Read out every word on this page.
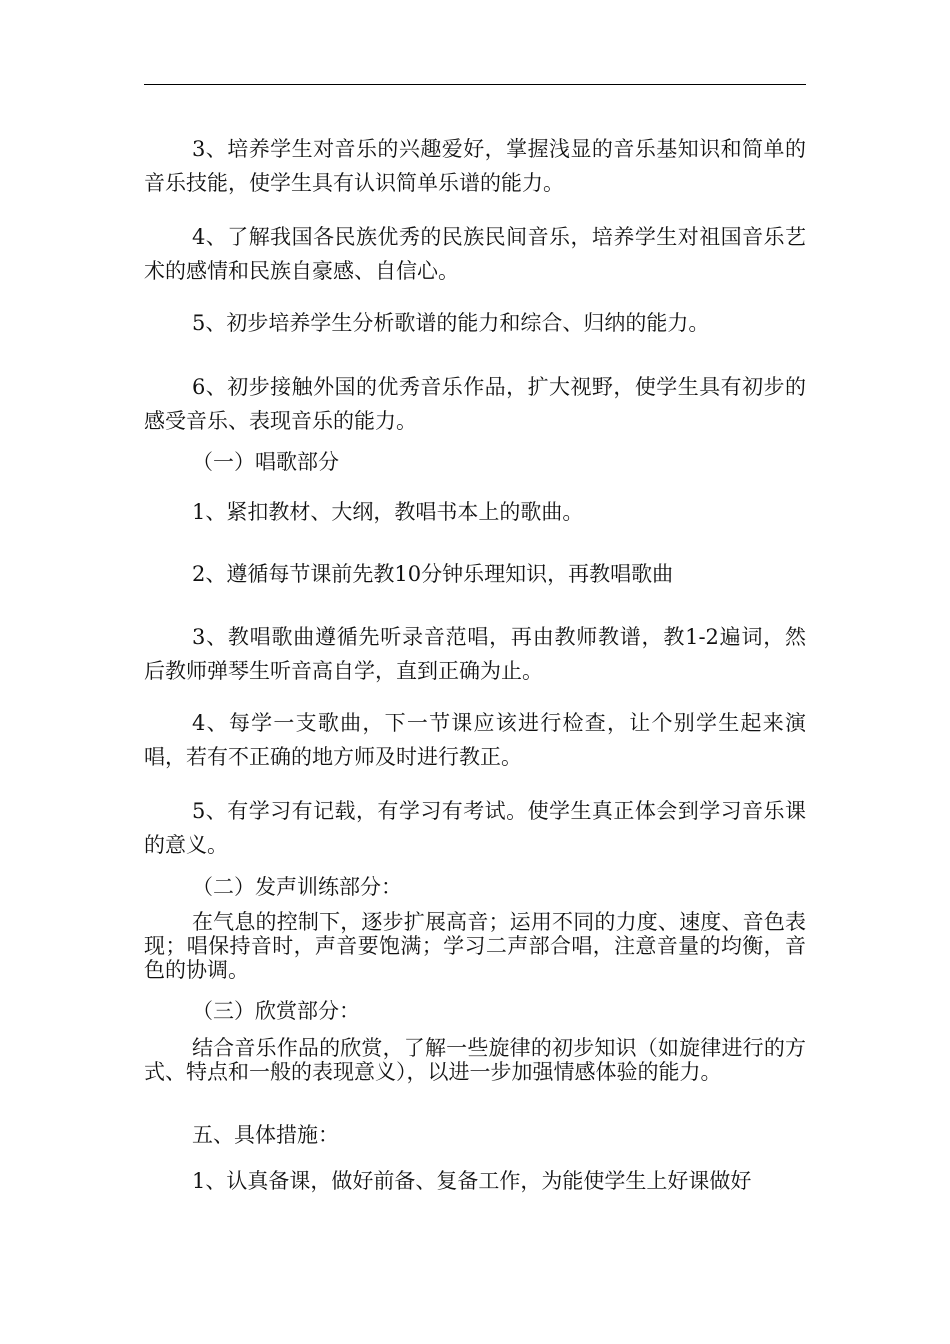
3、培养学生对音乐的兴趣爱好，掌握浅显的音乐基知识和简单的音乐技能，使学生具有认识简单乐谱的能力。

4、了解我国各民族优秀的民族民间音乐，培养学生对祖国音乐艺术的感情和民族自豪感、自信心。

5、初步培养学生分析歌谱的能力和综合、归纳的能力。

6、初步接触外国的优秀音乐作品，扩大视野，使学生具有初步的感受音乐、表现音乐的能力。

（一）唱歌部分

1、紧扣教材、大纲，教唱书本上的歌曲。

2、遵循每节课前先教10分钟乐理知识，再教唱歌曲

3、教唱歌曲遵循先听录音范唱，再由教师教谱，教1-2遍词，然后教师弹琴生听音高自学，直到正确为止。

4、每学一支歌曲，下一节课应该进行检查，让个别学生起来演唱，若有不正确的地方师及时进行教正。

5、有学习有记载，有学习有考试。使学生真正体会到学习音乐课的意义。

（二）发声训练部分：

在气息的控制下，逐步扩展高音；运用不同的力度、速度、音色表现；唱保持音时，声音要饱满；学习二声部合唱，注意音量的均衡，音色的协调。

（三）欣赏部分：

结合音乐作品的欣赏，了解一些旋律的初步知识（如旋律进行的方式、特点和一般的表现意义），以进一步加强情感体验的能力。

五、具体措施：

1、认真备课，做好前备、复备工作，为能使学生上好课做好
